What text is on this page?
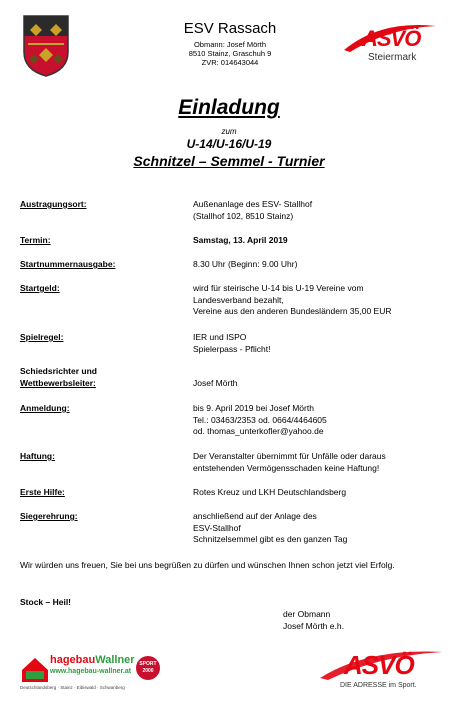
ESV Rassach
Obmann: Josef Mörth
8510 Stainz, Graschuh 9
ZVR: 014643044
ASVÖ
Steiermark
Einladung
zum
U-14/U-16/U-19
Schnitzel – Semmel - Turnier
Austragungsort:	Außenanlage des ESV- Stallhof
(Stallhof 102, 8510 Stainz)
Termin:	Samstag, 13. April 2019
Startnummernausgabe:	8.30 Uhr (Beginn: 9.00 Uhr)
Startgeld:	wird für steirische U-14 bis U-19 Vereine vom
Landesverband bezahlt,
Vereine aus den anderen Bundesländern 35,00 EUR
Spielregel:	IER und ISPO
Spielerpass - Pflicht!
Schiedsrichter und
Wettbewerbsleiter:	Josef Mörth
Anmeldung:	bis 9. April 2019 bei Josef Mörth
Tel.: 03463/2353 od. 0664/4464605
od. thomas_unterkofler@yahoo.de
Haftung:	Der Veranstalter übernimmt für Unfälle oder daraus
entstehenden Vermögensschaden keine Haftung!
Erste Hilfe:	Rotes Kreuz und LKH Deutschlandsberg
Siegerehrung:	anschließend auf der Anlage des
ESV-Stallhof
Schnitzelsemmel gibt es den ganzen Tag
Wir würden uns freuen, Sie bei uns begrüßen zu dürfen und wünschen Ihnen schon jetzt viel Erfolg.
Stock – Heil!
der Obmann
Josef Mörth e.h.
hagebauWallner
www.hagebau-wallner.at
Deutschlandsberg · Stainz · Eibiswald · Schwanberg
SPORT
2000	ASVÖ
DIE ADRESSE im Sport.
